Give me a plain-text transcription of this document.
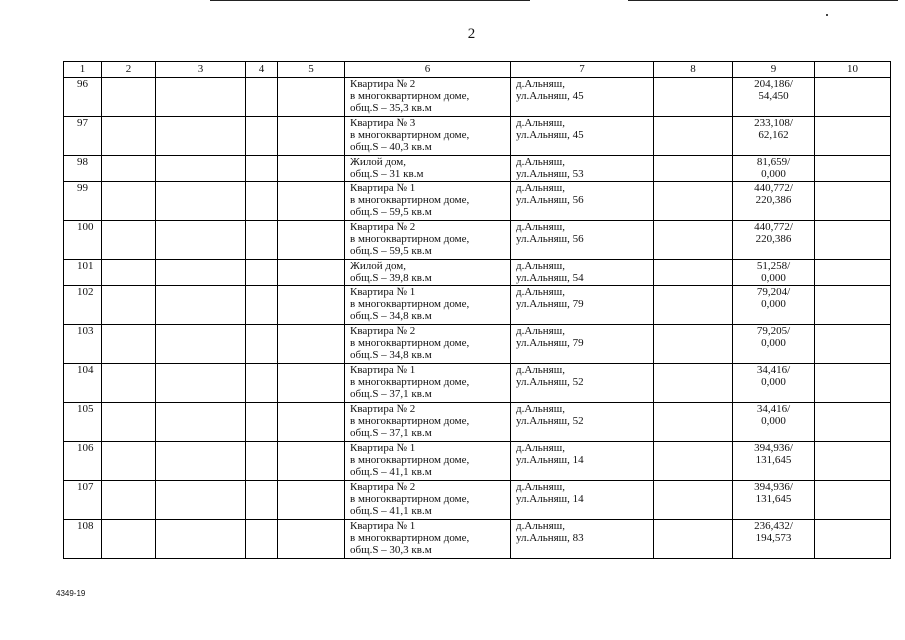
2
1	2	3	4	5	6	7	8	9	10
96					Квартира № 2
в многоквартирном доме,
общ.S – 35,3 кв.м	д.Альняш,
ул.Альняш, 45		204,186/
54,450	
97					Квартира № 3
в многоквартирном доме,
общ.S – 40,3 кв.м	д.Альняш,
ул.Альняш, 45		233,108/
62,162	
98					Жилой дом,
общ.S – 31 кв.м	д.Альняш,
ул.Альняш, 53		81,659/
0,000	
99					Квартира № 1
в многоквартирном доме,
общ.S – 59,5 кв.м	д.Альняш,
ул.Альняш, 56		440,772/
220,386	
100					Квартира № 2
в многоквартирном доме,
общ.S – 59,5 кв.м	д.Альняш,
ул.Альняш, 56		440,772/
220,386	
101					Жилой дом,
общ.S – 39,8 кв.м	д.Альняш,
ул.Альняш, 54		51,258/
0,000	
102					Квартира № 1
в многоквартирном доме,
общ.S – 34,8 кв.м	д.Альняш,
ул.Альняш, 79		79,204/
0,000	
103					Квартира № 2
в многоквартирном доме,
общ.S – 34,8 кв.м	д.Альняш,
ул.Альняш, 79		79,205/
0,000	
104					Квартира № 1
в многоквартирном доме,
общ.S – 37,1 кв.м	д.Альняш,
ул.Альняш, 52		34,416/
0,000	
105					Квартира № 2
в многоквартирном доме,
общ.S – 37,1 кв.м	д.Альняш,
ул.Альняш, 52		34,416/
0,000	
106					Квартира № 1
в многоквартирном доме,
общ.S – 41,1 кв.м	д.Альняш,
ул.Альняш, 14		394,936/
131,645	
107					Квартира № 2
в многоквартирном доме,
общ.S – 41,1 кв.м	д.Альняш,
ул.Альняш, 14		394,936/
131,645	
108					Квартира № 1
в многоквартирном доме,
общ.S – 30,3 кв.м	д.Альняш,
ул.Альняш, 83		236,432/
194,573	
4349-19
